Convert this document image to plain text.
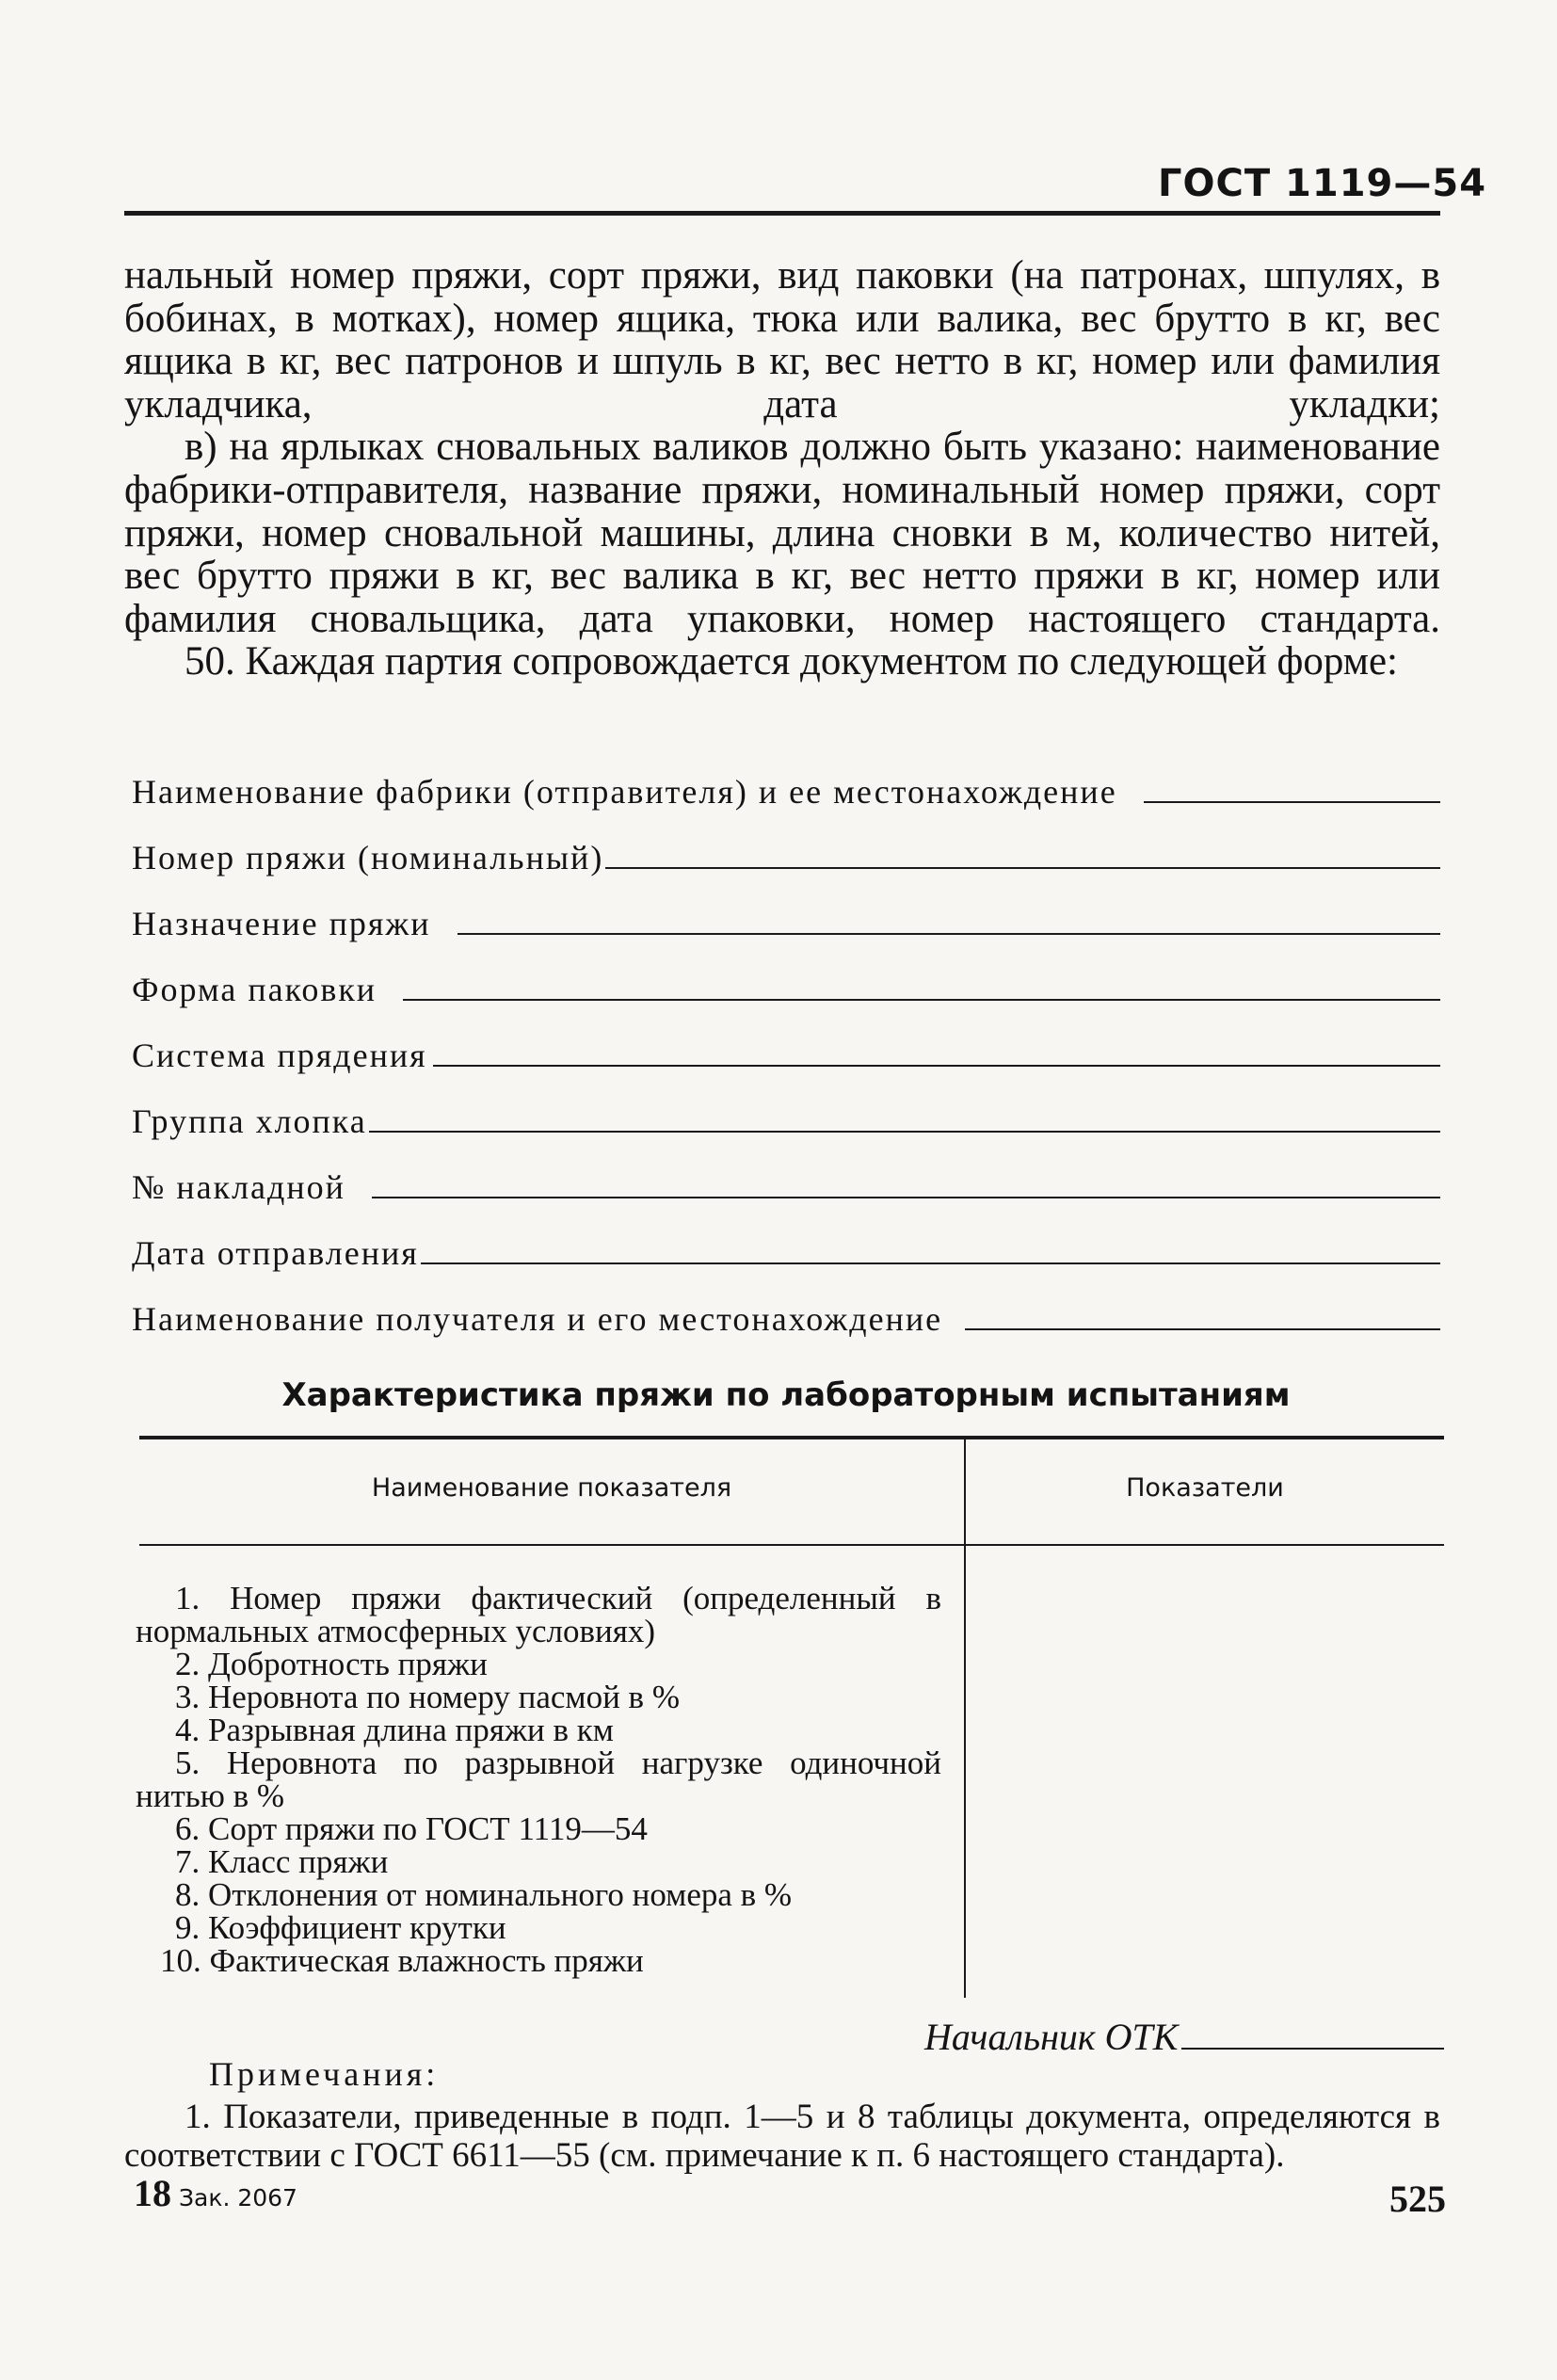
ГОСТ 1119—54

нальный номер пряжи, сорт пряжи, вид паковки (на патронах, шпулях, в бобинах, в мотках), номер ящика, тюка или валика, вес брутто в кг, вес ящика в кг, вес патронов и шпуль в кг, вес нетто в кг, номер или фамилия укладчика, дата укладки;

в) на ярлыках сновальных валиков должно быть указано: наименование фабрики-отправителя, название пряжи, номинальный номер пряжи, сорт пряжи, номер сновальной машины, длина сновки в м, количество нитей, вес брутто пряжи в кг, вес валика в кг, вес нетто пряжи в кг, номер или фамилия сновальщика, дата упаковки, номер настоящего стандарта.

50. Каждая партия сопровождается документом по следующей форме:

Наименование фабрики (отправителя) и ее местонахождение
Номер пряжи (номинальный)
Назначение пряжи
Форма паковки
Система прядения
Группа хлопка
№ накладной
Дата отправления
Наименование получателя и его местонахождение
Характеристика пряжи по лабораторным испытаниям
Наименование показателя	Показатели

1. Номер пряжи фактический (определенный в нормальных атмосферных условиях)

2. Добротность пряжи

3. Неровнота по номеру пасмой в %

4. Разрывная длина пряжи в км

5. Неровнота по разрывной нагрузке одиночной нитью в %

6. Сорт пряжи по ГОСТ 1119—54

7. Класс пряжи

8. Отклонения от номинального номера в %

9. Коэффициент крутки

10. Фактическая влажность пряжи

Начальник ОТК
Примечания:

1. Показатели, приведенные в подп. 1—5 и 8 таблицы документа, определяются в соответствии с ГОСТ 6611—55 (см. примечание к п. 6 настоящего стандарта).

18 Зак. 2067	525
